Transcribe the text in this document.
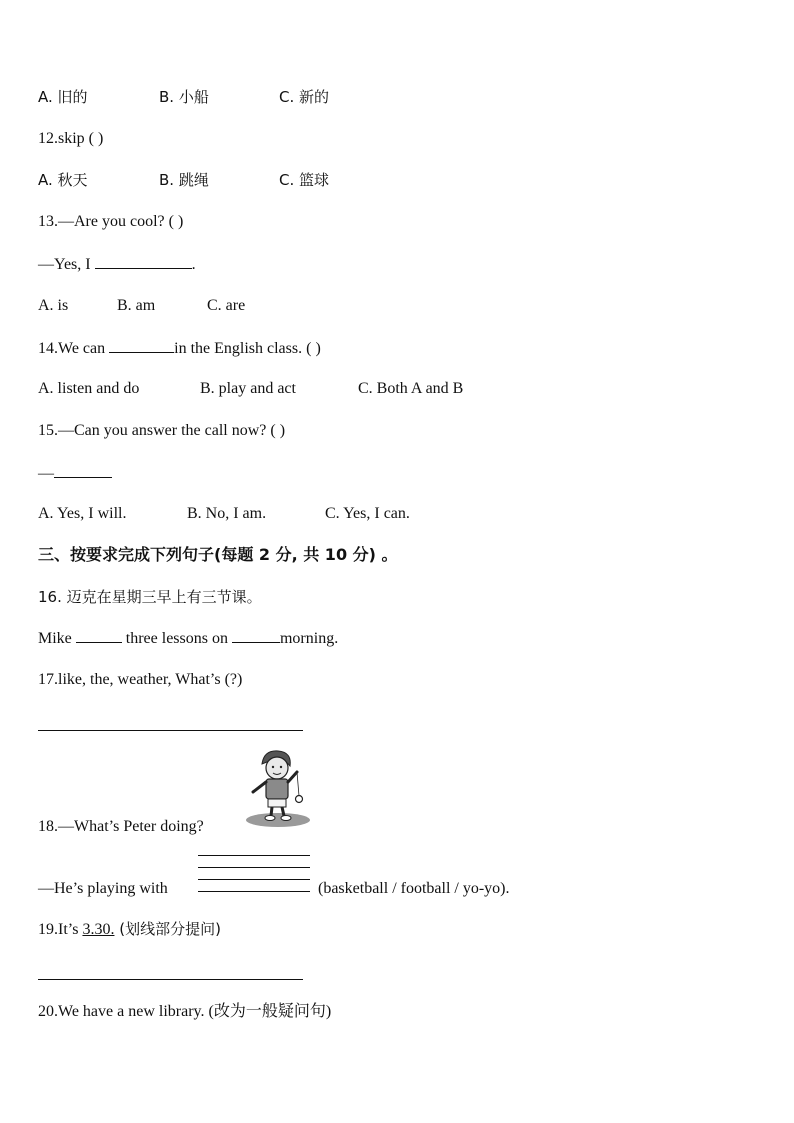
A. 旧的	B. 小船	C. 新的
12.skip ( )
A. 秋天	B. 跳绳	C. 篮球
13.—Are you cool? ( )
—Yes, I	.
A. is	B. am	C. are
14.We can	in the English class. ( )
A. listen and do	B. play and act	C. Both A and B
15.—Can you answer the call now? ( )
—
A. Yes, I will.	B. No, I am.	C. Yes, I can.
三、按要求完成下列句子(每题 2 分, 共 10 分) 。
16. 迈克在星期三早上有三节课。
Mike	three lessons on	morning.
17.like, the, weather, What’s (?)
18.—What’s Peter doing?
—He’s playing with	(basketball / football / yo-yo).
19.It’s 3.30. (划线部分提问)
20.We have a new library. (改为一般疑问句)
